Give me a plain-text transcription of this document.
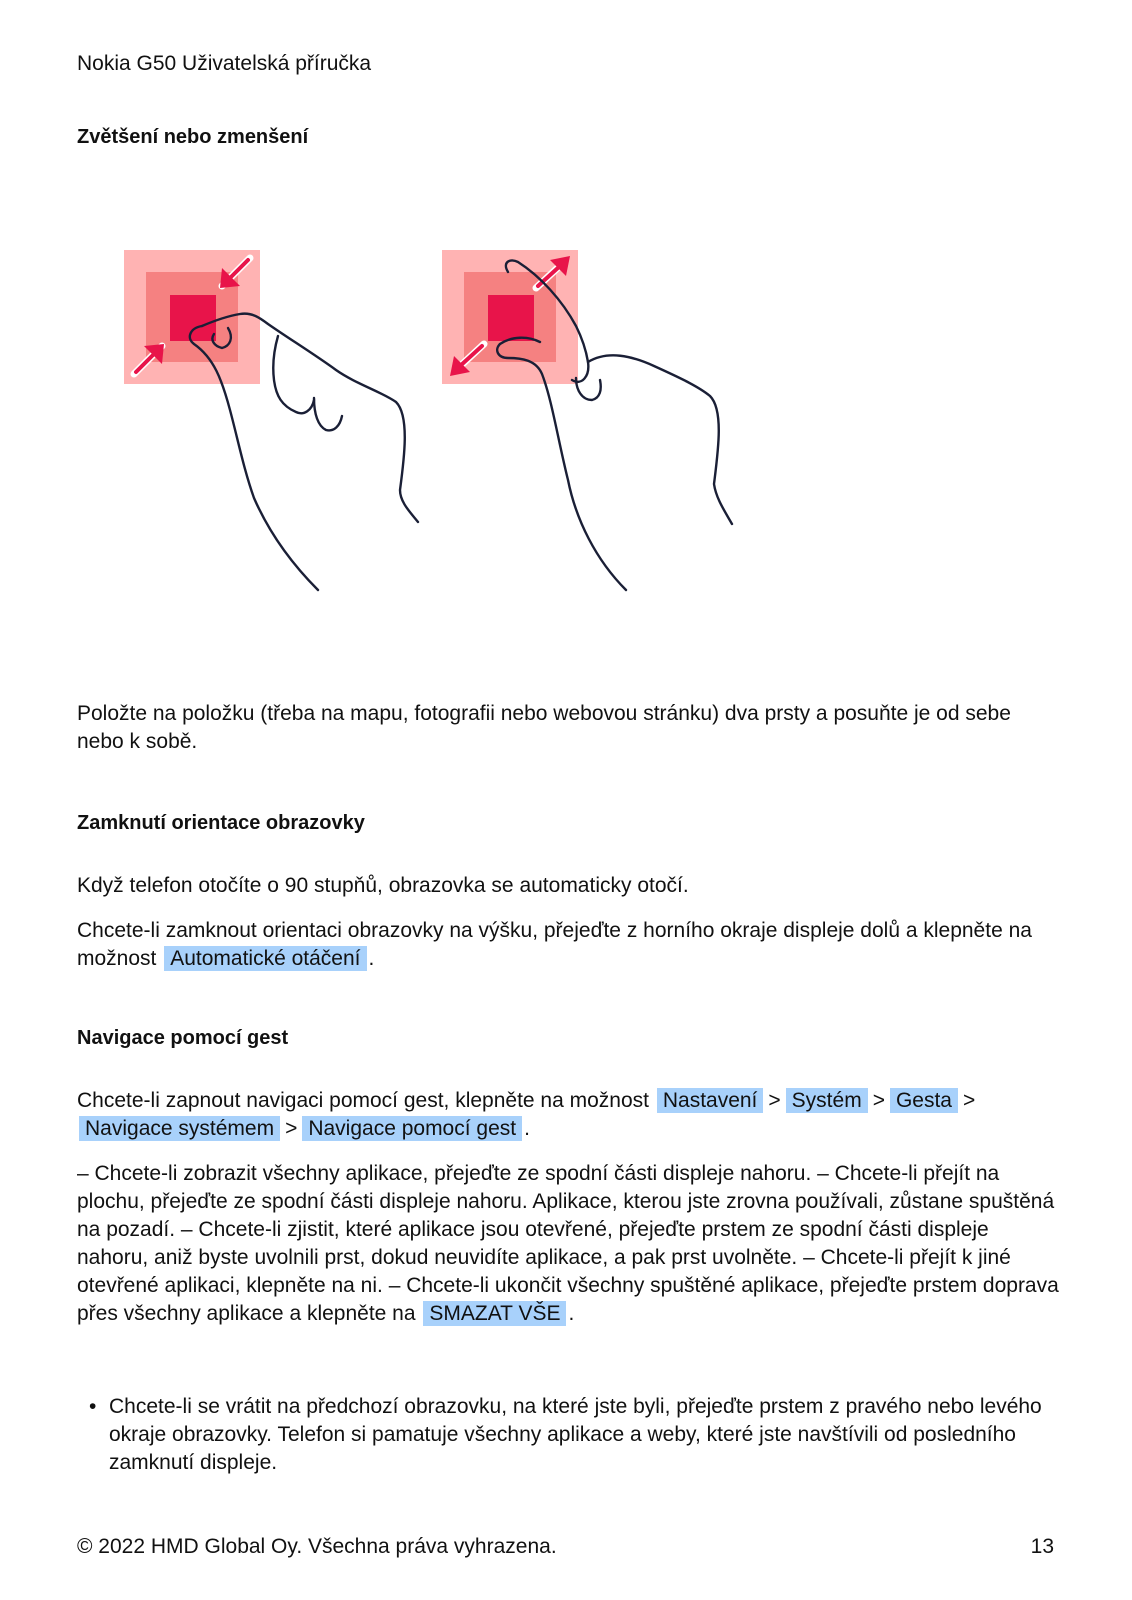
Nokia G50 Uživatelská příručka
Zvětšení nebo zmenšení
Položte na položku (třeba na mapu, fotografii nebo webovou stránku) dva prsty a posuňte je od sebe nebo k sobě.
Zamknutí orientace obrazovky
Když telefon otočíte o 90 stupňů, obrazovka se automaticky otočí.
Chcete-li zamknout orientaci obrazovky na výšku, přejeďte z horního okraje displeje dolů a klepněte na možnost Automatické otáčení .
Navigace pomocí gest
Chcete-li zapnout navigaci pomocí gest, klepněte na možnost Nastavení > Systém > Gesta > Navigace systémem > Navigace pomocí gest .
– Chcete-li zobrazit všechny aplikace, přejeďte ze spodní části displeje nahoru. – Chcete-li přejít na plochu, přejeďte ze spodní části displeje nahoru. Aplikace, kterou jste zrovna používali, zůstane spuštěná na pozadí. – Chcete-li zjistit, které aplikace jsou otevřené, přejeďte prstem ze spodní části displeje nahoru, aniž byste uvolnili prst, dokud neuvidíte aplikace, a pak prst uvolněte. – Chcete-li přejít k jiné otevřené aplikaci, klepněte na ni. – Chcete-li ukončit všechny spuštěné aplikace, přejeďte prstem doprava přes všechny aplikace a klepněte na SMAZAT VŠE .
• Chcete-li se vrátit na předchozí obrazovku, na které jste byli, přejeďte prstem z pravého nebo levého okraje obrazovky. Telefon si pamatuje všechny aplikace a weby, které jste navštívili od posledního zamknutí displeje.
© 2022 HMD Global Oy. Všechna práva vyhrazena.	13
